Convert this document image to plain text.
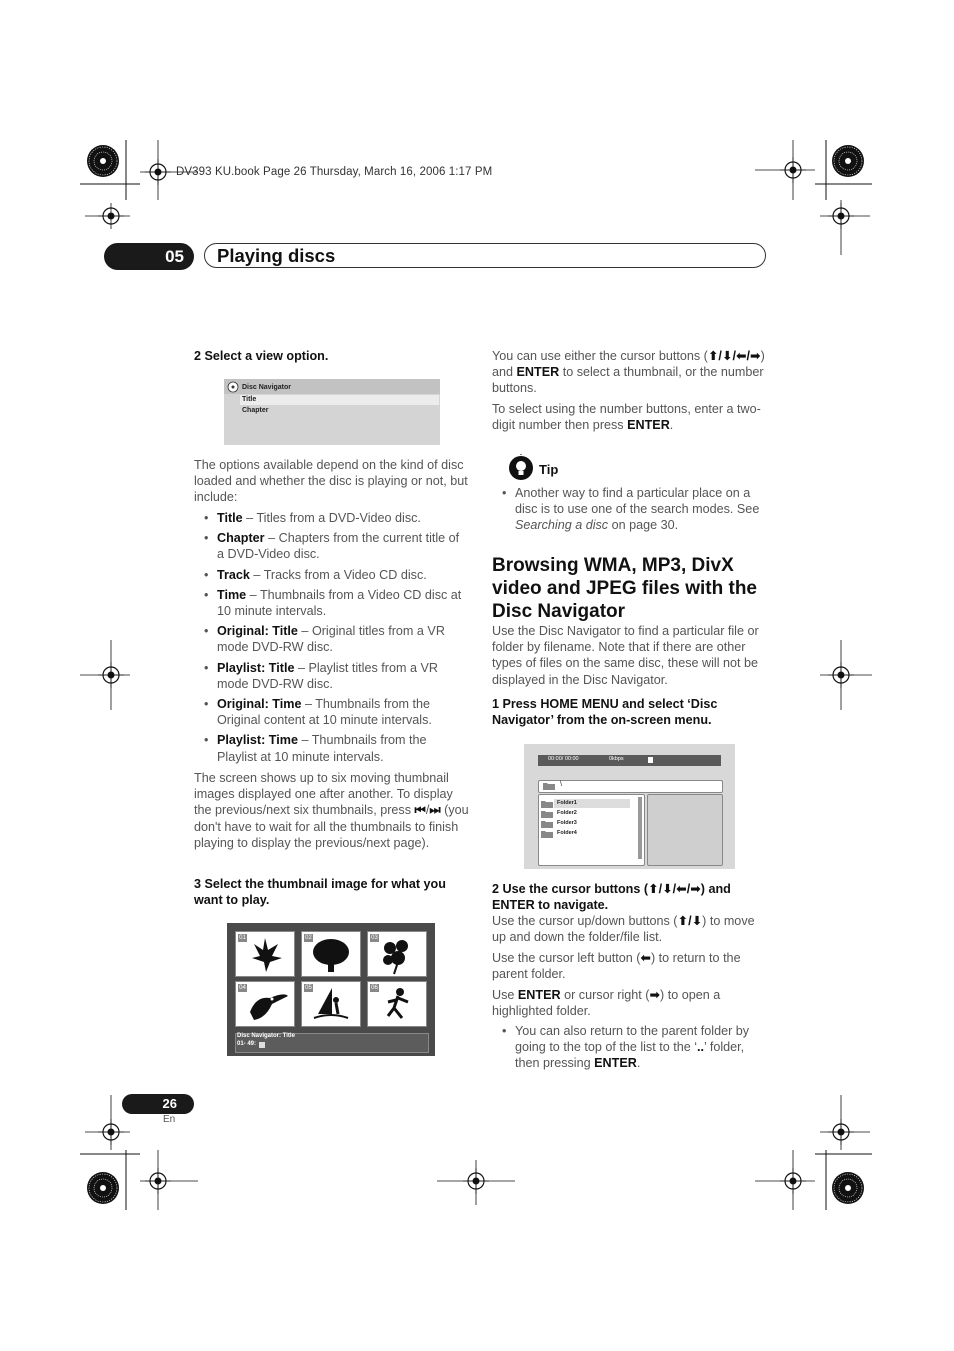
DV393 KU.book Page 26 Thursday, March 16, 2006 1:17 PM
05	Playing discs
2 Select a view option.
Disc Navigator
Title
Chapter
The options available depend on the kind of disc loaded and whether the disc is playing or not, but include:
• Title – Titles from a DVD-Video disc.
• Chapter – Chapters from the current title of a DVD-Video disc.
• Track – Tracks from a Video CD disc.
• Time – Thumbnails from a Video CD disc at 10 minute intervals.
• Original: Title – Original titles from a VR mode DVD-RW disc.
• Playlist: Title – Playlist titles from a VR mode DVD-RW disc.
• Original: Time – Thumbnails from the Original content at 10 minute intervals.
• Playlist: Time – Thumbnails from the Playlist at 10 minute intervals.
The screen shows up to six moving thumbnail images displayed one after another. To display the previous/next six thumbnails, press ⏮/⏭ (you don't have to wait for all the thumbnails to finish playing to display the previous/next page).
3 Select the thumbnail image for what you want to play.
01	02	03
04	05	06
Disc Navigator: Title
01- 49:
You can use either the cursor buttons (⬆/⬇/⬅/➡) and ENTER to select a thumbnail, or the number buttons.
To select using the number buttons, enter a two-digit number then press ENTER.
Tip
• Another way to find a particular place on a disc is to use one of the search modes. See Searching a disc on page 30.
Browsing WMA, MP3, DivX video and JPEG files with the Disc Navigator
Use the Disc Navigator to find a particular file or folder by filename. Note that if there are other types of files on the same disc, these will not be displayed in the Disc Navigator.
1 Press HOME MENU and select ‘Disc Navigator’ from the on-screen menu.
00:00/ 00:00	0kbps
\
Folder1
Folder2
Folder3
Folder4
2 Use the cursor buttons (⬆/⬇/⬅/➡) and ENTER to navigate.
Use the cursor up/down buttons (⬆/⬇) to move up and down the folder/file list.
Use the cursor left button (⬅) to return to the parent folder.
Use ENTER or cursor right (➡) to open a highlighted folder.
• You can also return to the parent folder by going to the top of the list to the ‘..’ folder, then pressing ENTER.
26
En
